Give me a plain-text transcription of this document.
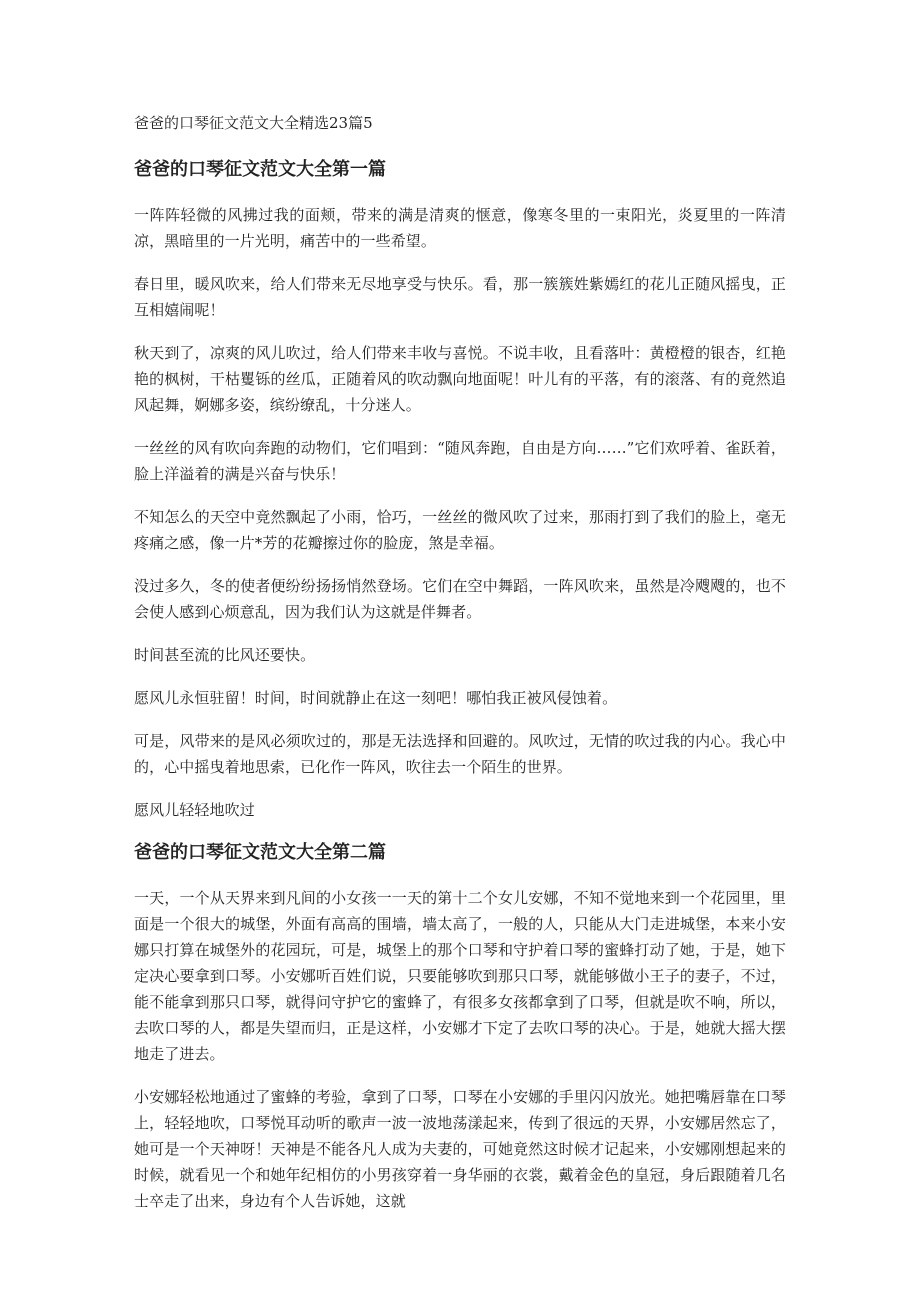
爸爸的口琴征文范文大全精选23篇5
爸爸的口琴征文范文大全第一篇

一阵阵轻微的风拂过我的面颊，带来的满是清爽的惬意，像寒冬里的一束阳光，炎夏里的一阵清凉，黑暗里的一片光明，痛苦中的一些希望。

春日里，暖风吹来，给人们带来无尽地享受与快乐。看，那一簇簇姓紫嫣红的花儿正随风摇曳，正互相嬉闹呢！

秋天到了，凉爽的风儿吹过，给人们带来丰收与喜悦。不说丰收，且看落叶：黄橙橙的银杏，红艳艳的枫树，干枯矍铄的丝瓜，正随着风的吹动飘向地面呢！叶儿有的平落，有的滚落、有的竟然追风起舞，婀娜多姿，缤纷缭乱，十分迷人。

一丝丝的风有吹向奔跑的动物们，它们唱到：“随风奔跑，自由是方向……”它们欢呼着、雀跃着，脸上洋溢着的满是兴奋与快乐！

不知怎么的天空中竟然飘起了小雨，恰巧，一丝丝的微风吹了过来，那雨打到了我们的脸上，毫无疼痛之感，像一片*芳的花瓣擦过你的脸庞，煞是幸福。

没过多久，冬的使者便纷纷扬扬悄然登场。它们在空中舞蹈，一阵风吹来，虽然是冷飕飕的，也不会使人感到心烦意乱，因为我们认为这就是伴舞者。

时间甚至流的比风还要快。

愿风儿永恒驻留！时间，时间就静止在这一刻吧！哪怕我正被风侵蚀着。

可是，风带来的是风必须吹过的，那是无法选择和回避的。风吹过，无情的吹过我的内心。我心中的，心中摇曳着地思索，已化作一阵风，吹往去一个陌生的世界。

愿风儿轻轻地吹过

爸爸的口琴征文范文大全第二篇

一天，一个从天界来到凡间的小女孩一一天的第十二个女儿安娜，不知不觉地来到一个花园里，里面是一个很大的城堡，外面有高高的围墙，墙太高了，一般的人，只能从大门走进城堡，本来小安娜只打算在城堡外的花园玩，可是，城堡上的那个口琴和守护着口琴的蜜蜂打动了她，于是，她下定决心要拿到口琴。小安娜听百姓们说，只要能够吹到那只口琴，就能够做小王子的妻子，不过，能不能拿到那只口琴，就得问守护它的蜜蜂了，有很多女孩都拿到了口琴，但就是吹不响，所以，去吹口琴的人，都是失望而归，正是这样，小安娜才下定了去吹口琴的决心。于是，她就大摇大摆地走了进去。

小安娜轻松地通过了蜜蜂的考验，拿到了口琴，口琴在小安娜的手里闪闪放光。她把嘴唇靠在口琴上，轻轻地吹，口琴悦耳动听的歌声一波一波地荡漾起来，传到了很远的天界，小安娜居然忘了，她可是一个天神呀！天神是不能各凡人成为夫妻的，可她竟然这时候才记起来，小安娜刚想起来的时候，就看见一个和她年纪相仿的小男孩穿着一身华丽的衣裳，戴着金色的皇冠，身后跟随着几名士卒走了出来，身边有个人告诉她，这就
